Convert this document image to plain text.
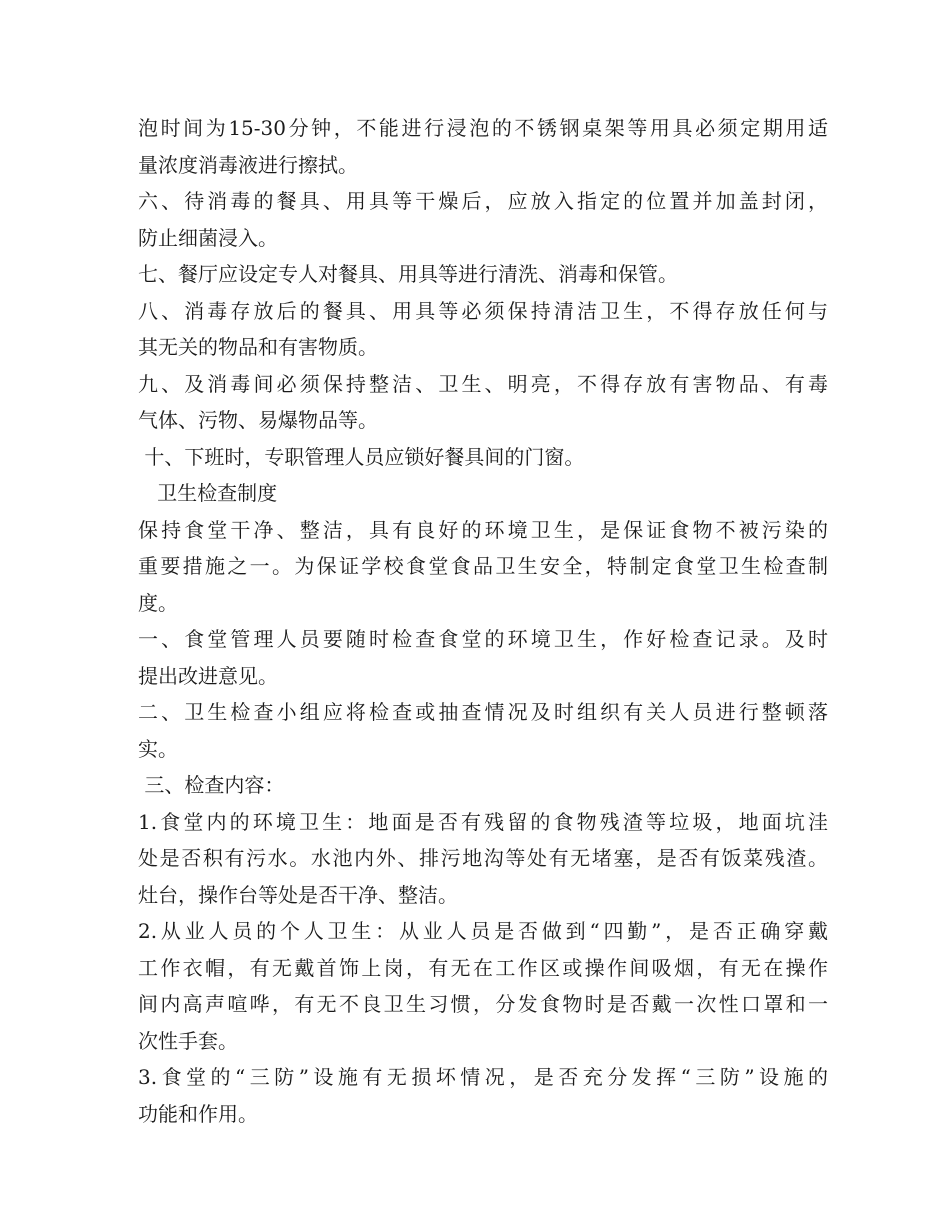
泡时间为15-30分钟，不能进行浸泡的不锈钢桌架等用具必须定期用适
量浓度消毒液进行擦拭。
六、待消毒的餐具、用具等干燥后，应放入指定的位置并加盖封闭，
防止细菌浸入。
七、餐厅应设定专人对餐具、用具等进行清洗、消毒和保管。
八、消毒存放后的餐具、用具等必须保持清洁卫生，不得存放任何与
其无关的物品和有害物质。
九、及消毒间必须保持整洁、卫生、明亮，不得存放有害物品、有毒
气体、污物、易爆物品等。
十、下班时，专职管理人员应锁好餐具间的门窗。
卫生检查制度
保持食堂干净、整洁，具有良好的环境卫生，是保证食物不被污染的
重要措施之一。为保证学校食堂食品卫生安全，特制定食堂卫生检查制
度。
一、食堂管理人员要随时检查食堂的环境卫生，作好检查记录。及时
提出改进意见。
二、卫生检查小组应将检查或抽查情况及时组织有关人员进行整顿落
实。
三、检查内容：
1.食堂内的环境卫生：地面是否有残留的食物残渣等垃圾，地面坑洼
处是否积有污水。水池内外、排污地沟等处有无堵塞，是否有饭菜残渣。
灶台，操作台等处是否干净、整洁。
2.从业人员的个人卫生：从业人员是否做到“四勤”，是否正确穿戴
工作衣帽，有无戴首饰上岗，有无在工作区或操作间吸烟，有无在操作
间内高声喧哗，有无不良卫生习惯，分发食物时是否戴一次性口罩和一
次性手套。
3.食堂的“三防”设施有无损坏情况，是否充分发挥“三防”设施的
功能和作用。
